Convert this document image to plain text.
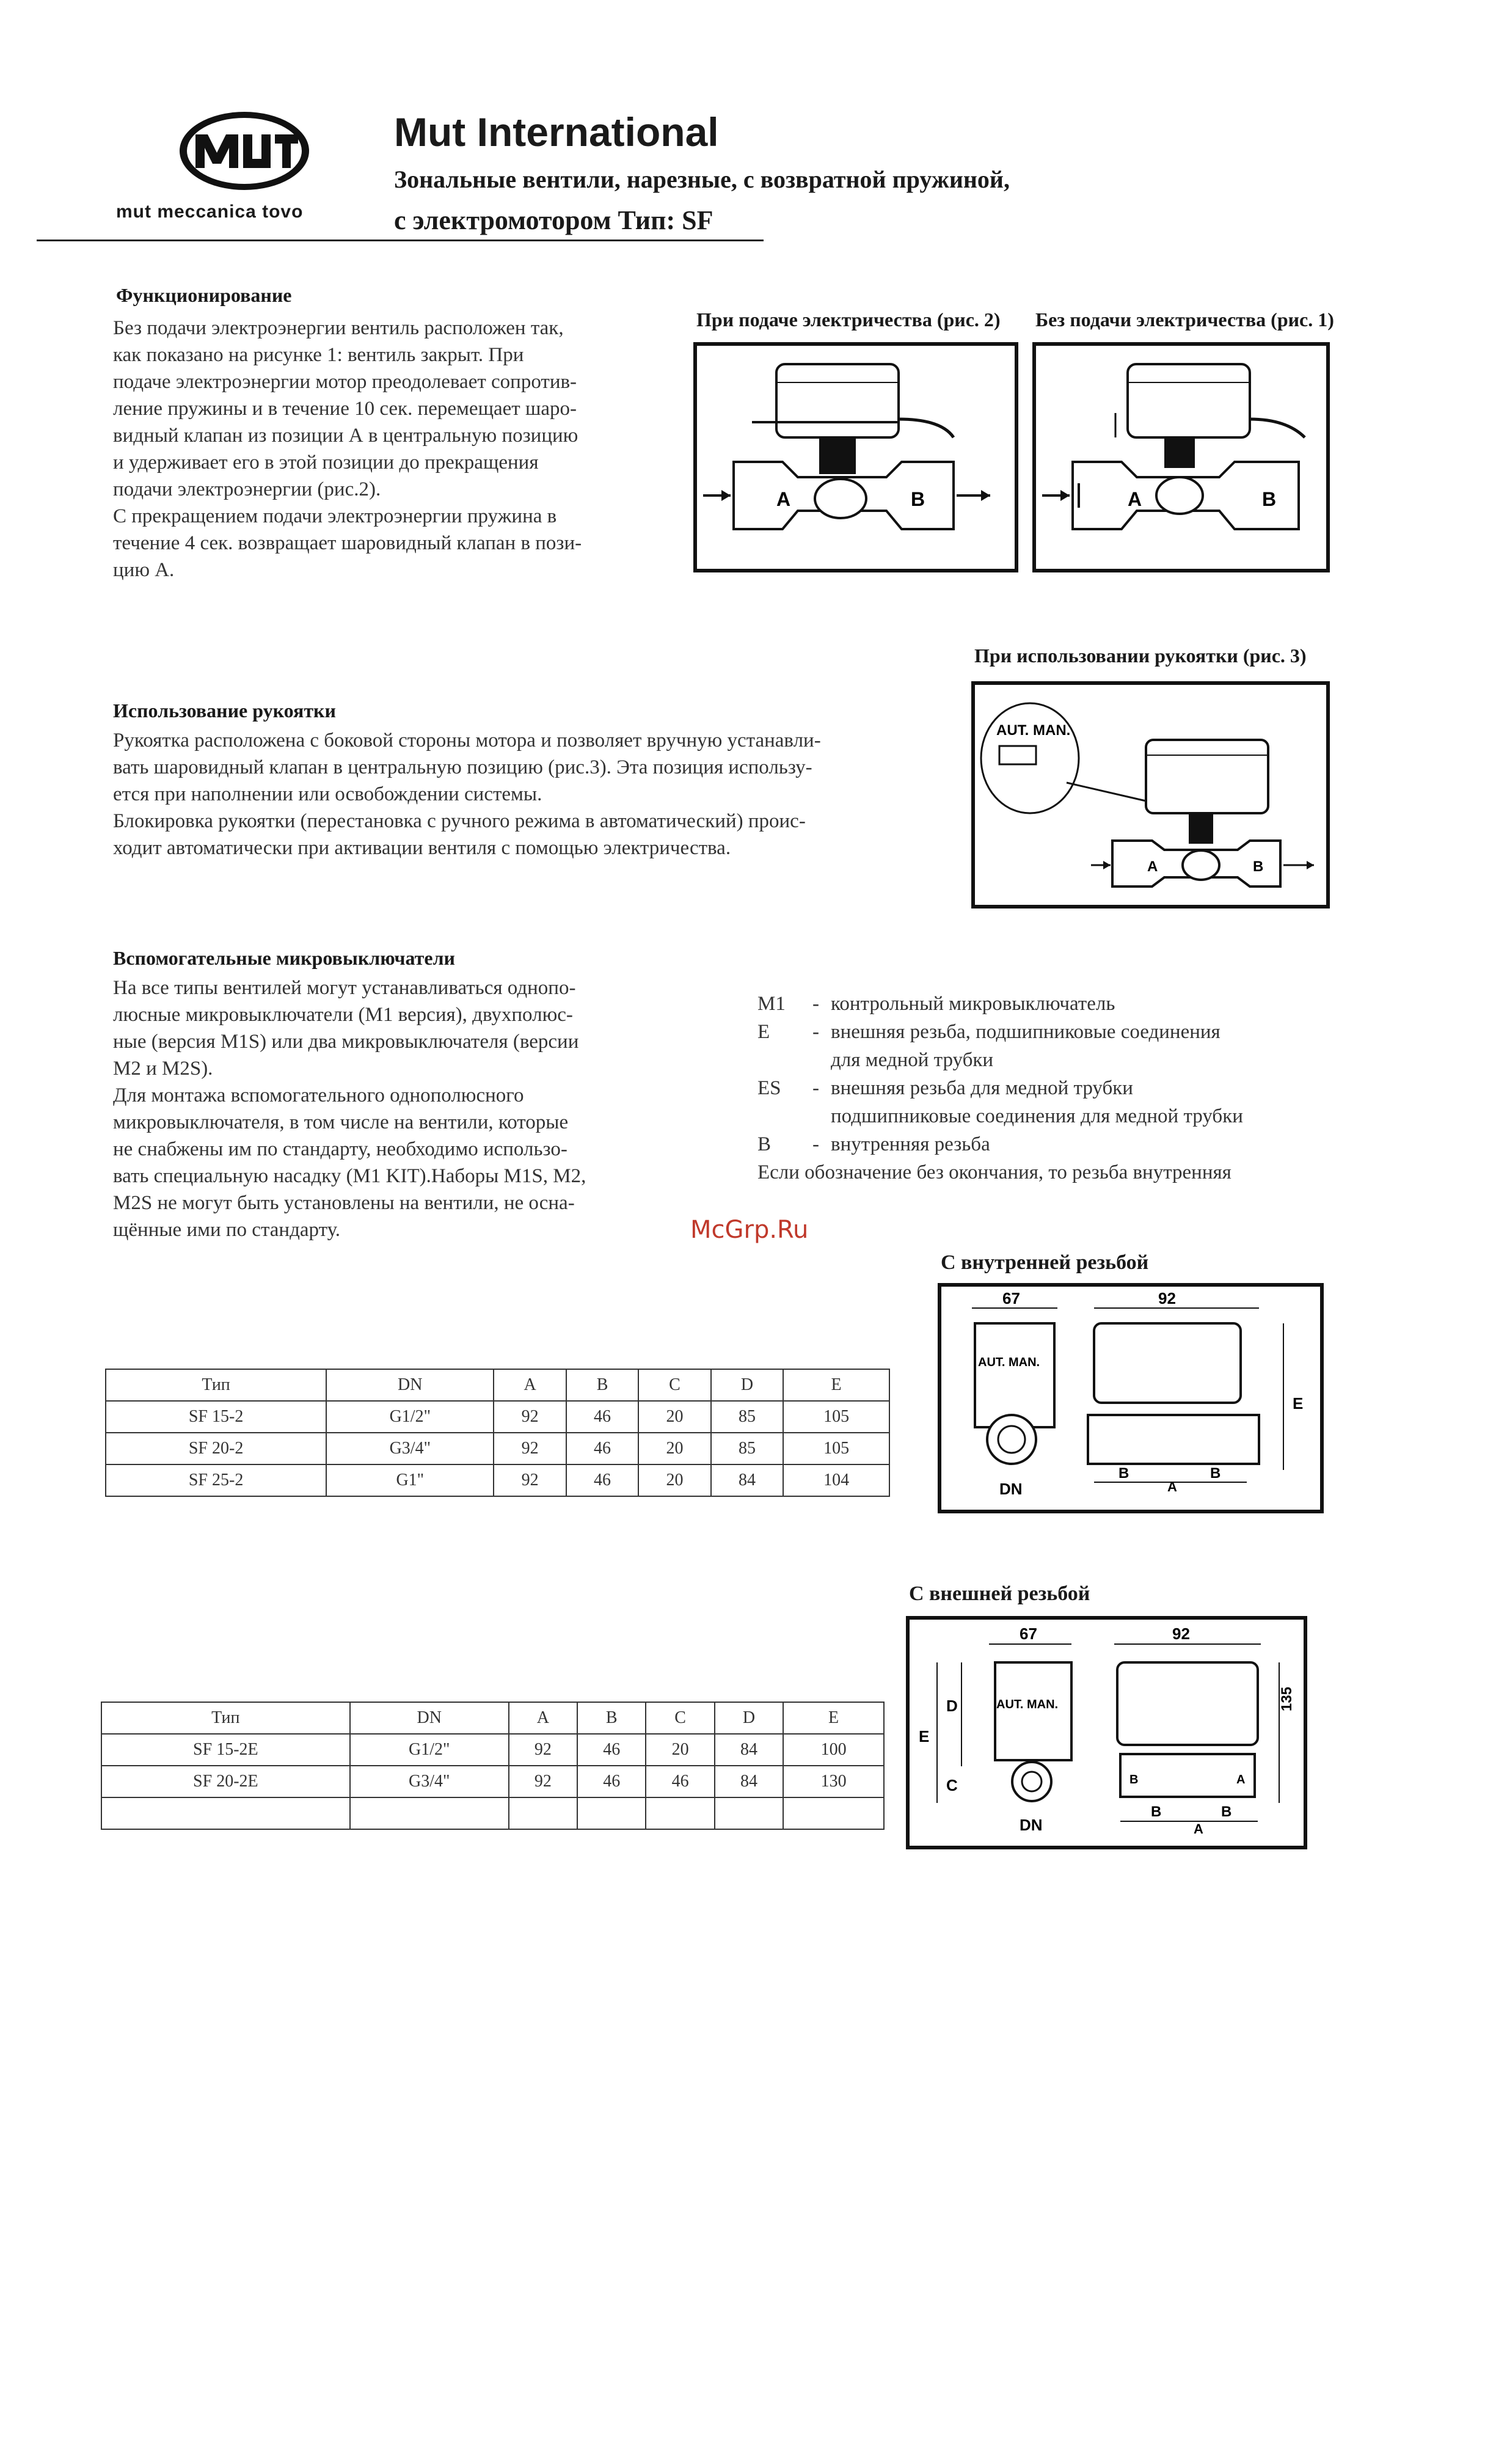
mut meccanica tovo
Mut International
Зональные вентили, нарезные, с возвратной пружиной,
с электромотором Тип: SF
Функционирование
Без подачи электроэнергии вентиль расположен так,
как показано на рисунке 1: вентиль закрыт. При
подаче электроэнергии мотор преодолевает сопротив-
ление пружины и в течение 10 сек. перемещает шаро-
видный клапан из позиции А в центральную позицию
и удерживает его в этой позиции до прекращения
подачи электроэнергии (рис.2).
С прекращением подачи электроэнергии пружина в
течение 4 сек. возвращает шаровидный клапан в пози-
цию А.
При подаче электричества (рис. 2)
A	B
Без подачи электричества (рис. 1)
A	B
При использовании рукоятки (рис. 3)
AUT. MAN.
A	B
Использование рукоятки
Рукоятка расположена с боковой стороны мотора и позволяет вручную устанавли-
вать шаровидный клапан в центральную позицию (рис.3). Эта позиция использу-
ется при наполнении или освобождении системы.
Блокировка рукоятки (перестановка с ручного режима в автоматический) проис-
ходит автоматически при активации вентиля с помощью электричества.
Вспомогательные микровыключатели
На все типы вентилей могут устанавливаться однопо-
люсные микровыключатели (М1 версия), двухполюс-
ные (версия M1S) или два микровыключателя (версии
M2 и M2S).
Для монтажа вспомогательного однополюсного
микровыключателя, в том числе на вентили, которые
не снабжены им по стандарту, необходимо использо-
вать специальную насадку (M1 KIT).Наборы M1S, M2,
M2S не могут быть установлены на вентили, не осна-
щённые ими по стандарту.
M1	- контрольный микровыключатель
E	- внешняя резьба, подшипниковые соединения
для медной трубки
ES	- внешняя резьба для медной трубки
подшипниковые соединения для медной трубки
B	- внутренняя резьба
Если обозначение без окончания, то резьба внутренняя
McGrp.Ru
С внутренней резьбой
67	92
AUT. MAN.
E
DN
B
A
B
Тип	DN	A	B	C	D	E
SF 15-2	G1/2"	92	46	20	85	105
SF 20-2	G3/4"	92	46	20	85	105
SF 25-2	G1"	92	46	20	84	104
С внешней резьбой
67	92
E
D
C
AUT. MAN.
B	A
135
DN
B
A
B
Тип	DN	A	B	C	D	E
SF 15-2E	G1/2"	92	46	20	84	100
SF 20-2E	G3/4"	92	46	46	84	130
